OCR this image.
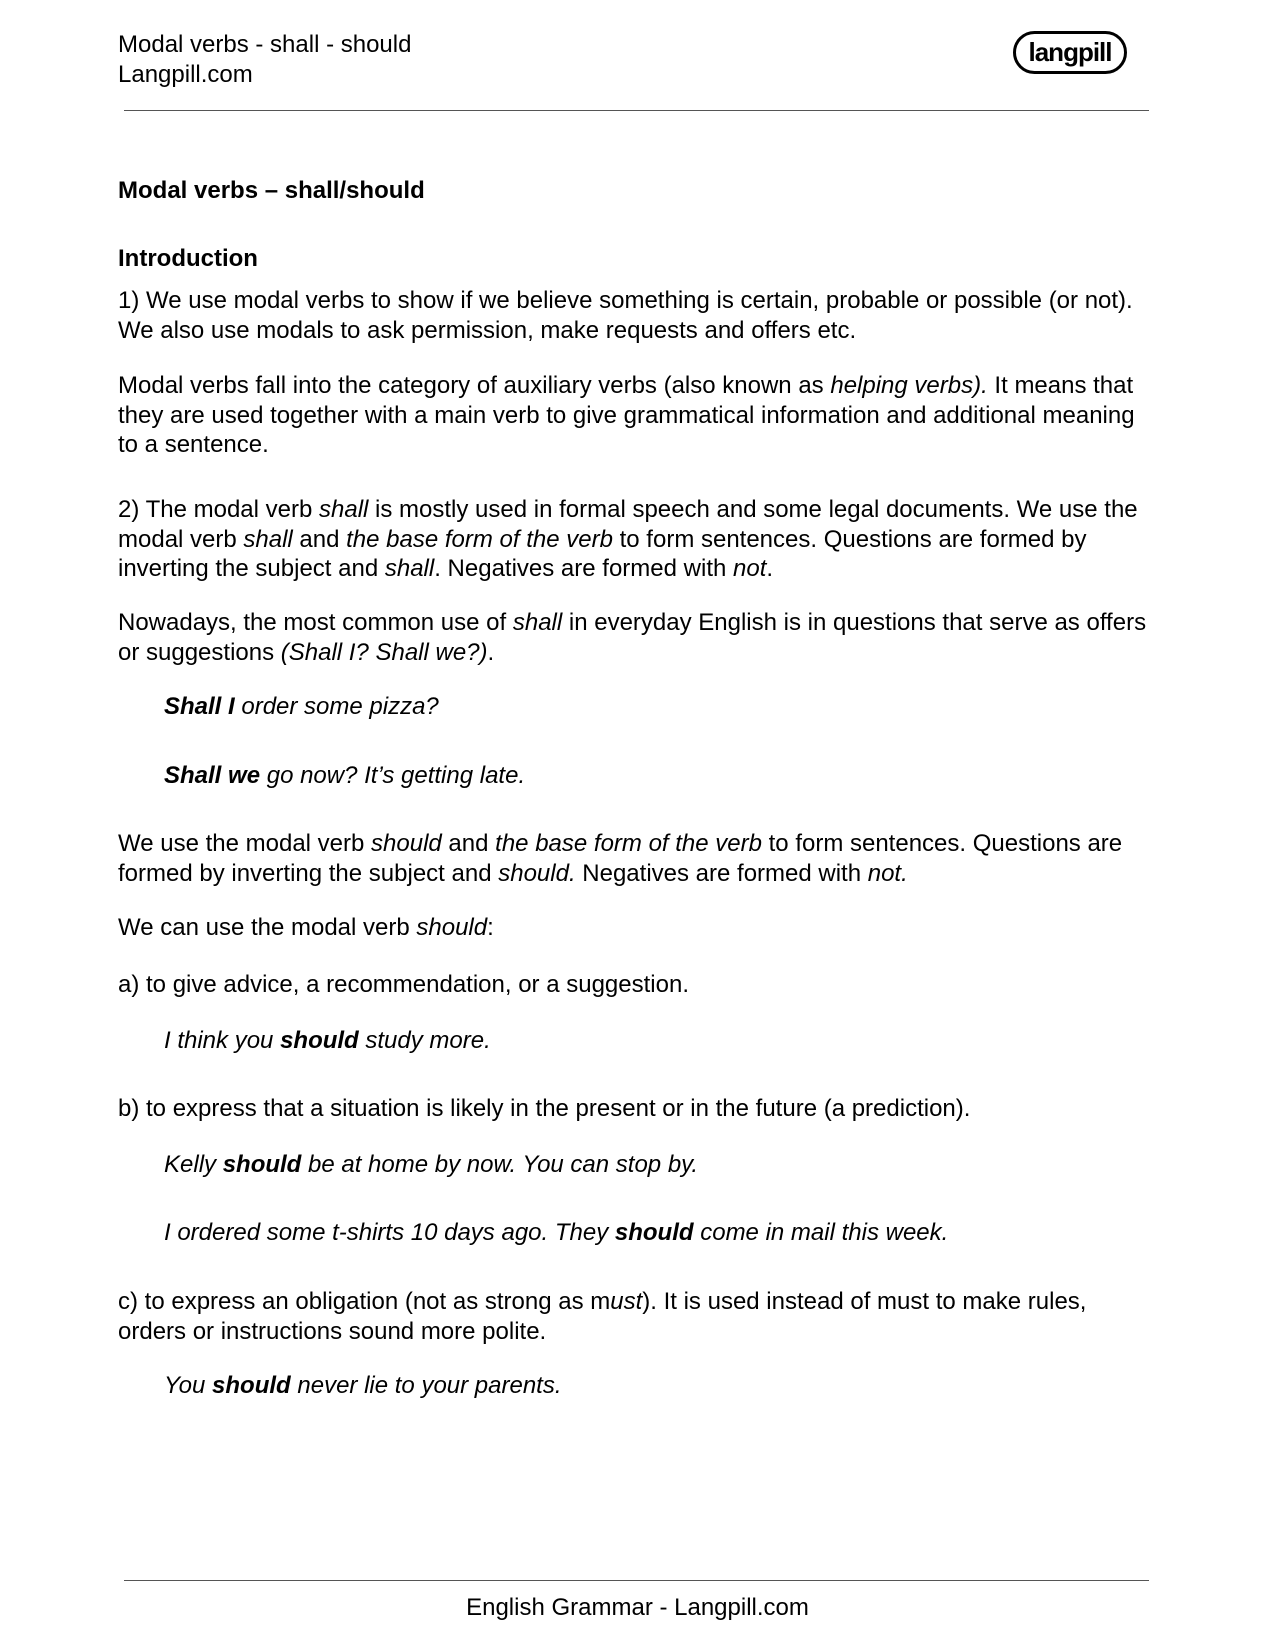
Modal verbs - shall - should
Langpill.com
langpill

Modal verbs – shall/should

Introduction

1) We use modal verbs to show if we believe something is certain, probable or possible (or not). We also use modals to ask permission, make requests and offers etc.

Modal verbs fall into the category of auxiliary verbs (also known as helping verbs). It means that they are used together with a main verb to give grammatical information and additional meaning to a sentence.

2) The modal verb shall is mostly used in formal speech and some legal documents. We use the modal verb shall and the base form of the verb to form sentences. Questions are formed by inverting the subject and shall. Negatives are formed with not.

Nowadays, the most common use of shall in everyday English is in questions that serve as offers or suggestions (Shall I? Shall we?).

Shall I order some pizza?

Shall we go now? It’s getting late.

We use the modal verb should and the base form of the verb to form sentences. Questions are formed by inverting the subject and should. Negatives are formed with not.

We can use the modal verb should:

a) to give advice, a recommendation, or a suggestion.

I think you should study more.

b) to express that a situation is likely in the present or in the future (a prediction).

Kelly should be at home by now. You can stop by.

I ordered some t-shirts 10 days ago. They should come in mail this week.

c) to express an obligation (not as strong as must). It is used instead of must to make rules, orders or instructions sound more polite.

You should never lie to your parents.

English Grammar - Langpill.com
